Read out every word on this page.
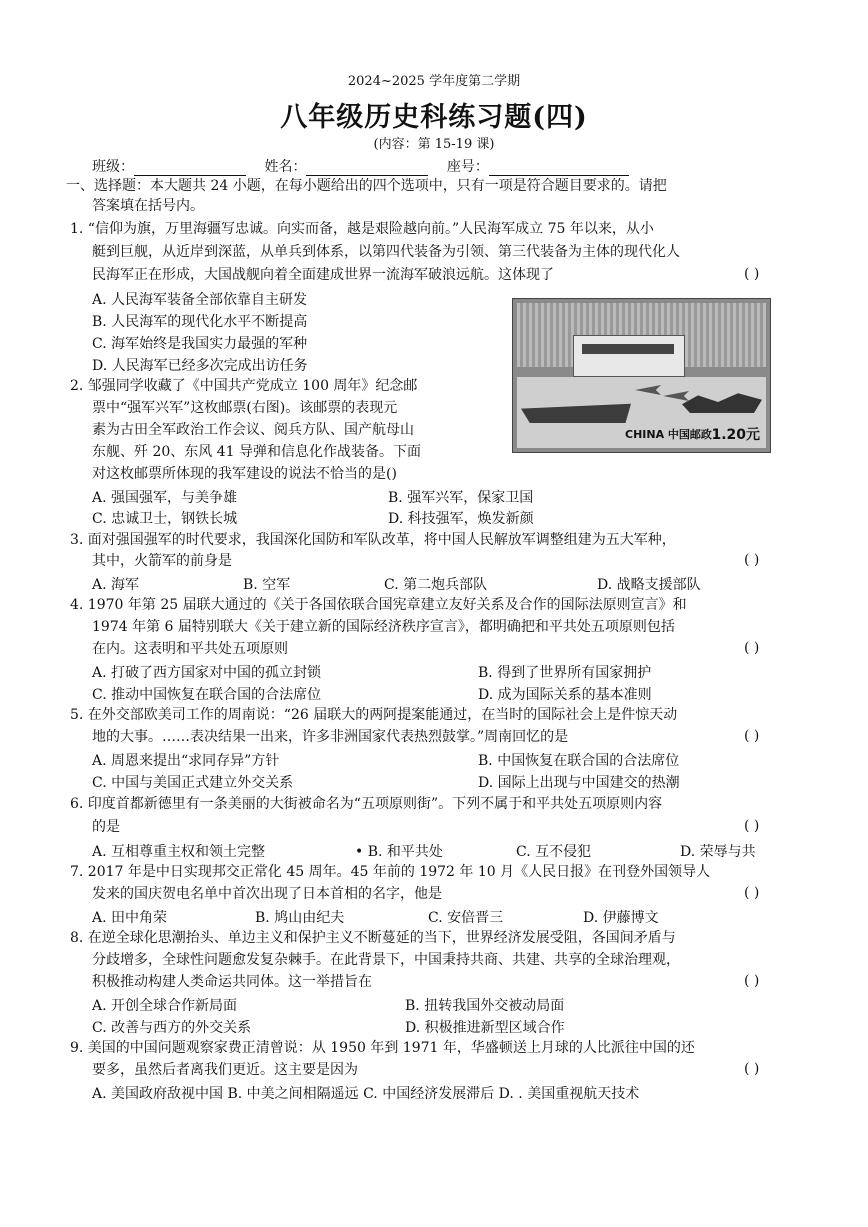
2024~2025 学年度第二学期
八年级历史科练习题(四)
(内容：第 15-19 课)
班级：	姓名：	座号：
一、选择题：本大题共 24 小题，在每小题给出的四个选项中，只有一项是符合题目要求的。请把
答案填在括号内。
1. “信仰为旗，万里海疆写忠诚。向实而备，越是艰险越向前。”人民海军成立 75 年以来，从小
艇到巨舰，从近岸到深蓝，从单兵到体系，以第四代装备为引领、第三代装备为主体的现代化人
民海军正在形成，大国战舰向着全面建成世界一流海军破浪远航。这体现了	( )
A. 人民海军装备全部依靠自主研发
B. 人民海军的现代化水平不断提高
C. 海军始终是我国实力最强的军种
D. 人民海军已经多次完成出访任务
CHINA 中国邮政 1.20元
2. 邹强同学收藏了《中国共产党成立 100 周年》纪念邮
票中“强军兴军”这枚邮票(右图)。该邮票的表现元
素为古田全军政治工作会议、阅兵方队、国产航母山
东舰、歼 20、东风 41 导弹和信息化作战装备。下面
对这枚邮票所体现的我军建设的说法不恰当的是()
A. 强国强军，与美争雄	B. 强军兴军，保家卫国
C. 忠诚卫士，钢铁长城	D. 科技强军，焕发新颜
3. 面对强国强军的时代要求，我国深化国防和军队改革，将中国人民解放军调整组建为五大军种，
其中，火箭军的前身是	( )
A. 海军	B. 空军	C. 第二炮兵部队	D. 战略支援部队
4. 1970 年第 25 届联大通过的《关于各国依联合国宪章建立友好关系及合作的国际法原则宣言》和
1974 年第 6 届特别联大《关于建立新的国际经济秩序宣言》，都明确把和平共处五项原则包括
在内。这表明和平共处五项原则	( )
A. 打破了西方国家对中国的孤立封锁	B. 得到了世界所有国家拥护
C. 推动中国恢复在联合国的合法席位	D. 成为国际关系的基本准则
5. 在外交部欧美司工作的周南说：“26 届联大的两阿提案能通过，在当时的国际社会上是件惊天动
地的大事。……表决结果一出来，许多非洲国家代表热烈鼓掌。”周南回忆的是	( )
A. 周恩来提出“求同存异”方针	B. 中国恢复在联合国的合法席位
C. 中国与美国正式建立外交关系	D. 国际上出现与中国建交的热潮
6. 印度首都新德里有一条美丽的大街被命名为“五项原则街”。下列不属于和平共处五项原则内容
的是	( )
A. 互相尊重主权和领土完整	• B. 和平共处	C. 互不侵犯	D. 荣辱与共
7. 2017 年是中日实现邦交正常化 45 周年。45 年前的 1972 年 10 月《人民日报》在刊登外国领导人
发来的国庆贺电名单中首次出现了日本首相的名字，他是	( )
A. 田中角荣	B. 鸠山由纪夫	C. 安倍晋三	D. 伊藤博文
8. 在逆全球化思潮抬头、单边主义和保护主义不断蔓延的当下，世界经济发展受阻，各国间矛盾与
分歧增多，全球性问题愈发复杂棘手。在此背景下，中国秉持共商、共建、共享的全球治理观，
积极推动构建人类命运共同体。这一举措旨在	( )
A. 开创全球合作新局面	B. 扭转我国外交被动局面
C. 改善与西方的外交关系	D. 积极推进新型区域合作
9. 美国的中国问题观察家费正清曾说：从 1950 年到 1971 年，华盛顿送上月球的人比派往中国的还
要多，虽然后者离我们更近。这主要是因为	( )
A. 美国政府敌视中国 B. 中美之间相隔遥远 C. 中国经济发展滞后 D. . 美国重视航天技术
